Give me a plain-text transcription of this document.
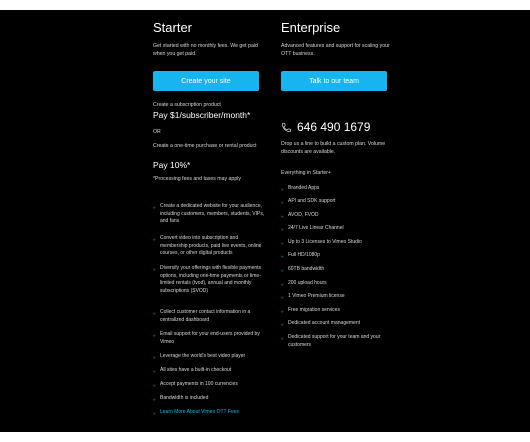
Starter
Get started with no monthly fees. We get paid when you get paid.
Create your site
Create a subscription product
Pay $1/subscriber/month*
OR
Create a one-time purchase or rental product
Pay 10%*
*Processing fees and taxes may apply
» Create a dedicated website for your audience, including customers, members, students, VIPs, and fans
» Convert video into subscription and membership products, paid live events, online courses, or other digital products
» Diversify your offerings with flexible payments options, including one-time payments or time-limited rentals (tvod), annual and monthly subscriptions (SVOD)
» Collect customer contact information in a centralized dashboard
» Email support for your end-users provided by Vimeo
» Leverage the world's best video player
» All sites have a built-in checkout
» Accept payments in 100 currencies
» Bandwidth is included
» Learn More About Vimeo OTT Fees
Enterprise
Advanced features and support for scaling your OTT business.
Talk to our team
646 490 1679
Drop us a line to build a custom plan. Volume discounts are available.
Everything in Starter+
» Branded Apps
» API and SDK support
» AVOD, FVOD
» 24/7 Live Linear Channel
» Up to 3 Licenses to Vimeo Studio
» Full HD/1080p
» 60TB bandwidth
» 200 upload hours
» 1 Vimeo Premium license
» Free migration services
» Dedicated account management
» Dedicated support for your team and your customers
